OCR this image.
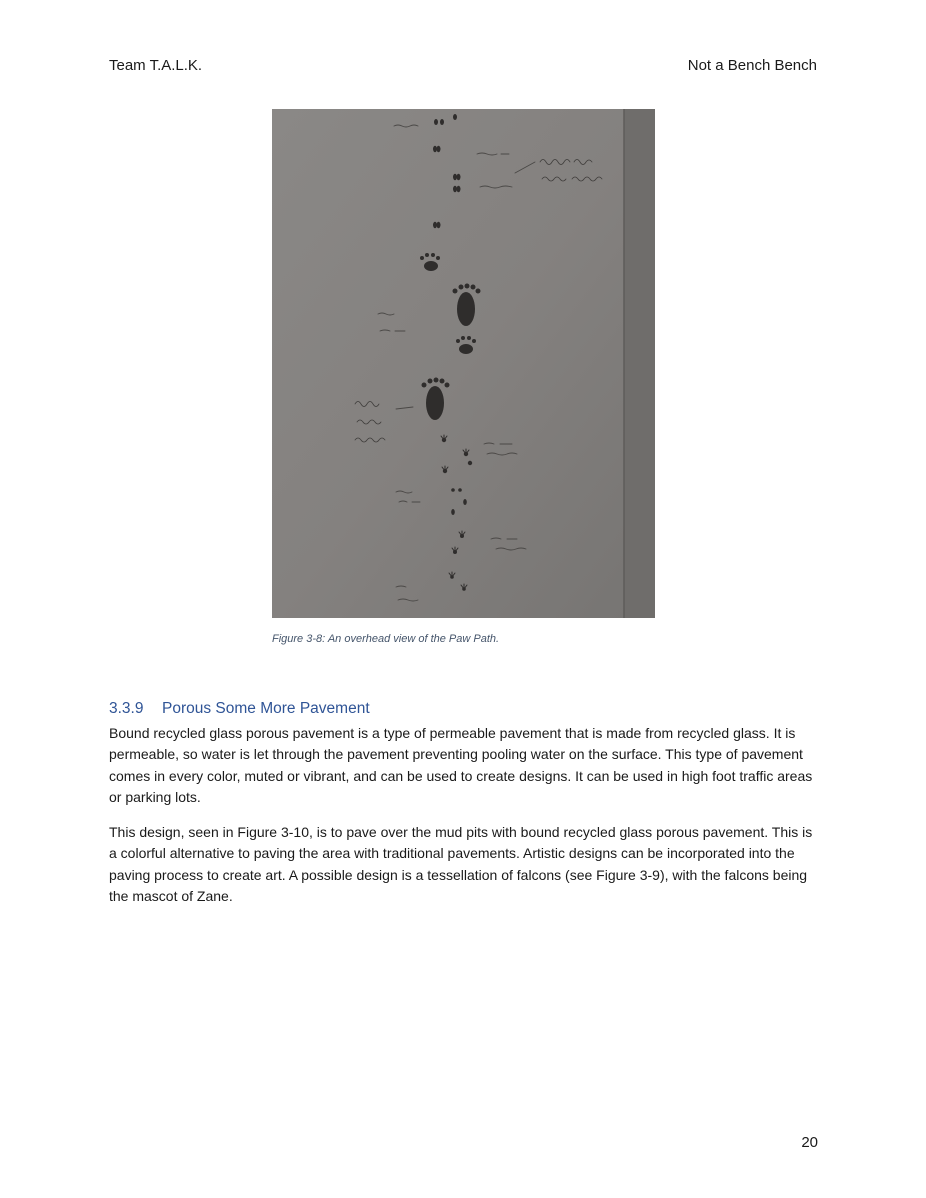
Team T.A.L.K.	Not a Bench Bench
Figure 3-8: An overhead view of the Paw Path.
3.3.9 Porous Some More Pavement

Bound recycled glass porous pavement is a type of permeable pavement that is made from recycled glass. It is permeable, so water is let through the pavement preventing pooling water on the surface. This type of pavement comes in every color, muted or vibrant, and can be used to create designs. It can be used in high foot traffic areas or parking lots.

This design, seen in Figure 3-10, is to pave over the mud pits with bound recycled glass porous pavement. This is a colorful alternative to paving the area with traditional pavements. Artistic designs can be incorporated into the paving process to create art. A possible design is a tessellation of falcons (see Figure 3-9), with the falcons being the mascot of Zane.

20
